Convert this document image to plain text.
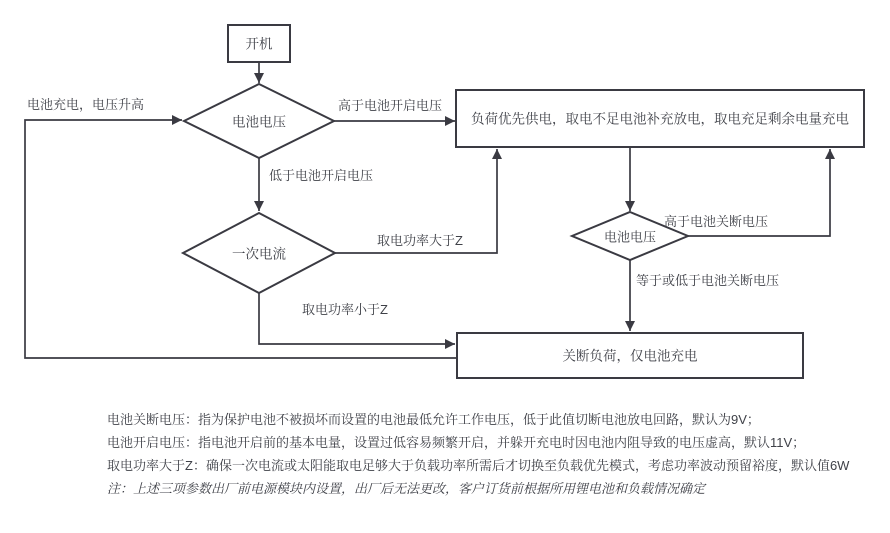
开机
电池电压	负荷优先供电，取电不足电池补充放电，取电充足剩余电量充电
一次电流
电池电压
关断负荷，仅电池充电
电池充电，电压升高	高于电池开启电压
低于电池开启电压
取电功率大于Z
取电功率小于Z
高于电池关断电压
等于或低于电池关断电压
电池关断电压：指为保护电池不被损坏而设置的电池最低允许工作电压，低于此值切断电池放电回路，默认为9V；
电池开启电压：指电池开启前的基本电量，设置过低容易频繁开启，并躲开充电时因电池内阻导致的电压虚高，默认11V；
取电功率大于Z：确保一次电流或太阳能取电足够大于负载功率所需后才切换至负载优先模式，考虑功率波动预留裕度，默认值6W
注：上述三项参数出厂前电源模块内设置，出厂后无法更改，客户订货前根据所用锂电池和负载情况确定
